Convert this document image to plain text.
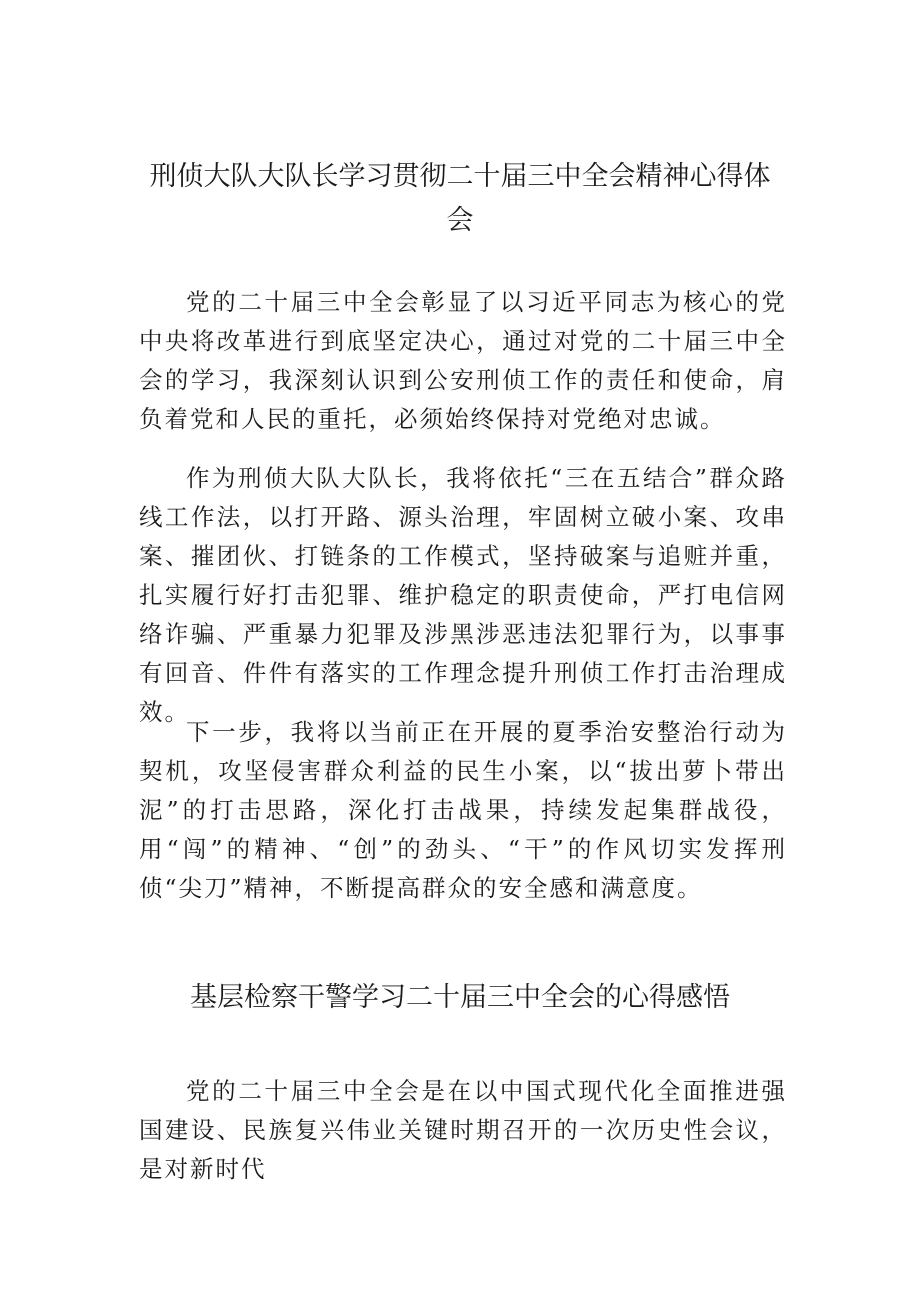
刑侦大队大队长学习贯彻二十届三中全会精神心得体会

党的二十届三中全会彰显了以习近平同志为核心的党中央将改革进行到底坚定决心，通过对党的二十届三中全会的学习，我深刻认识到公安刑侦工作的责任和使命，肩负着党和人民的重托，必须始终保持对党绝对忠诚。

作为刑侦大队大队长，我将依托“三在五结合”群众路线工作法，以打开路、源头治理，牢固树立破小案、攻串案、摧团伙、打链条的工作模式，坚持破案与追赃并重，扎实履行好打击犯罪、维护稳定的职责使命，严打电信网络诈骗、严重暴力犯罪及涉黑涉恶违法犯罪行为，以事事有回音、件件有落实的工作理念提升刑侦工作打击治理成效。

下一步，我将以当前正在开展的夏季治安整治行动为契机，攻坚侵害群众利益的民生小案，以“拔出萝卜带出泥”的打击思路，深化打击战果，持续发起集群战役，用“闯”的精神、“创”的劲头、“干”的作风切实发挥刑侦“尖刀”精神，不断提高群众的安全感和满意度。

基层检察干警学习二十届三中全会的心得感悟

党的二十届三中全会是在以中国式现代化全面推进强国建设、民族复兴伟业关键时期召开的一次历史性会议，是对新时代
